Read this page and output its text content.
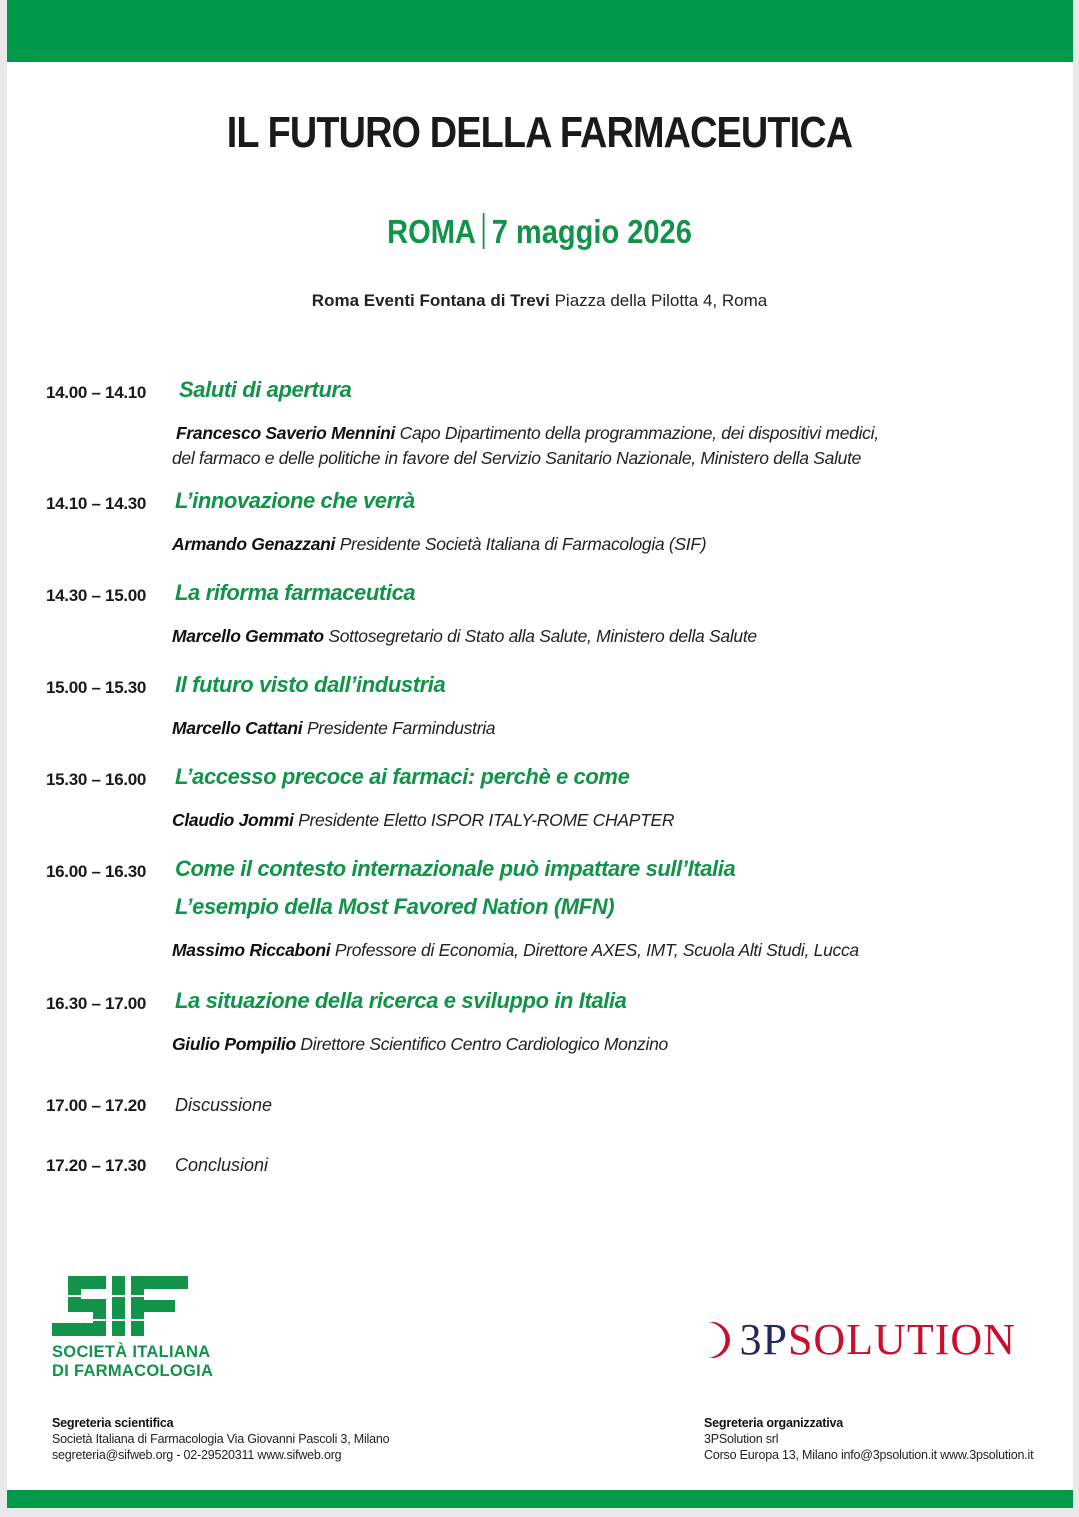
IL FUTURO DELLA FARMACEUTICA
ROMA 7 maggio 2026
Roma Eventi Fontana di Trevi Piazza della Pilotta 4, Roma
14.00 – 14.10 Saluti di apertura
Francesco Saverio Mennini Capo Dipartimento della programmazione, dei dispositivi medici,
del farmaco e delle politiche in favore del Servizio Sanitario Nazionale, Ministero della Salute
14.10 – 14.30 L’innovazione che verrà
Armando Genazzani Presidente Società Italiana di Farmacologia (SIF)
14.30 – 15.00 La riforma farmaceutica
Marcello Gemmato Sottosegretario di Stato alla Salute, Ministero della Salute
15.00 – 15.30 Il futuro visto dall’industria
Marcello Cattani Presidente Farmindustria
15.30 – 16.00 L’accesso precoce ai farmaci: perchè e come
Claudio Jommi Presidente Eletto ISPOR ITALY-ROME CHAPTER
16.00 – 16.30 Come il contesto internazionale può impattare sull’Italia
L’esempio della Most Favored Nation (MFN)
Massimo Riccaboni Professore di Economia, Direttore AXES, IMT, Scuola Alti Studi, Lucca
16.30 – 17.00 La situazione della ricerca e sviluppo in Italia
Giulio Pompilio Direttore Scientifico Centro Cardiologico Monzino
17.00 – 17.20 Discussione
17.20 – 17.30 Conclusioni
SOCIETÀ ITALIANA
DI FARMACOLOGIA
3PSOLUTION
Segreteria scientifica
Società Italiana di Farmacologia Via Giovanni Pascoli 3, Milano
segreteria@sifweb.org - 02-29520311 www.sifweb.org
Segreteria organizzativa
3PSolution srl
Corso Europa 13, Milano info@3psolution.it www.3psolution.it
